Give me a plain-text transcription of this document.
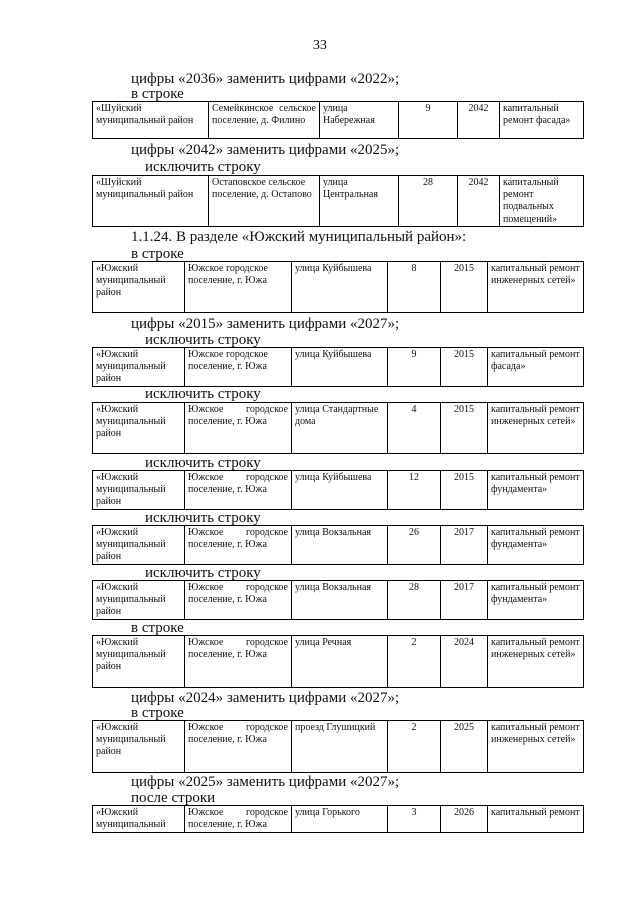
33
цифры «2036» заменить цифрами «2022»;
в строке
«Шуйский муниципальный район	Семейкинское сельское поселение, д. Филино	улица Набережная	9	2042	капитальный ремонт фасада»
цифры «2042» заменить цифрами «2025»;
исключить строку
«Шуйский муниципальный район	Остаповское сельское поселение, д. Остапово	улица Центральная	28	2042	капитальный ремонт подвальных помещений»
1.1.24. В разделе «Южский муниципальный район»:
в строке
«Южский муниципальный район	Южское городское поселение, г. Южа	улица Куйбышева	8	2015	капитальный ремонт инженерных сетей»
цифры «2015» заменить цифрами «2027»;
исключить строку
«Южский муниципальный район	Южское городское поселение, г. Южа	улица Куйбышева	9	2015	капитальный ремонт фасада»
исключить строку
«Южский муниципальный район	Южское городское поселение, г. Южа	улица Стандартные дома	4	2015	капитальный ремонт инженерных сетей»
исключить строку
«Южский муниципальный район	Южское городское поселение, г. Южа	улица Куйбышева	12	2015	капитальный ремонт фундамента»
исключить строку
«Южский муниципальный район	Южское городское поселение, г. Южа	улица Вокзальная	26	2017	капитальный ремонт фундамента»
исключить строку
«Южский муниципальный район	Южское городское поселение, г. Южа	улица Вокзальная	28	2017	капитальный ремонт фундамента»
в строке
«Южский муниципальный район	Южское городское поселение, г. Южа	улица Речная	2	2024	капитальный ремонт инженерных сетей»
цифры «2024» заменить цифрами «2027»;
в строке
«Южский муниципальный район	Южское городское поселение, г. Южа	проезд Глушицкий	2	2025	капитальный ремонт инженерных сетей»
цифры «2025» заменить цифрами «2027»;
после строки
«Южский муниципальный	Южское городское поселение, г. Южа	улица Горького	3	2026	капитальный ремонт
